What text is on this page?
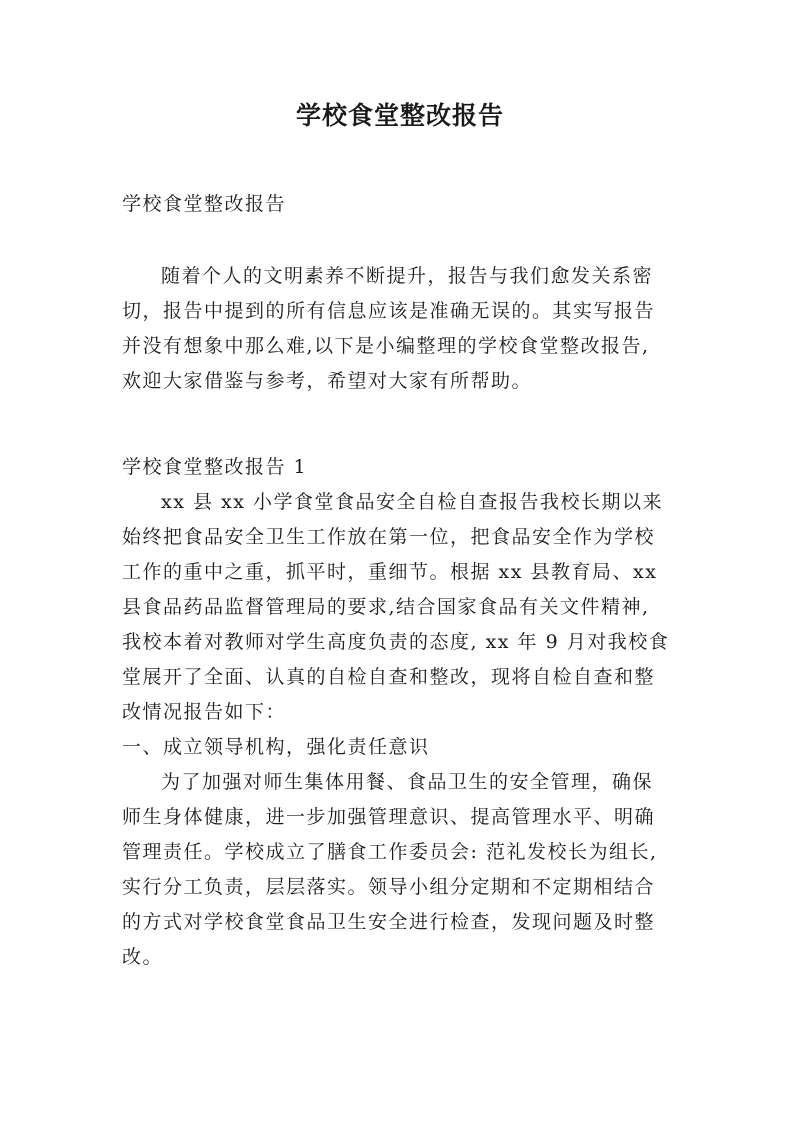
学校食堂整改报告
学校食堂整改报告
随着个人的文明素养不断提升，报告与我们愈发关系密
切，报告中提到的所有信息应该是准确无误的。其实写报告
并没有想象中那么难,以下是小编整理的学校食堂整改报告,
欢迎大家借鉴与参考，希望对大家有所帮助。
学校食堂整改报告 1
xx 县 xx 小学食堂食品安全自检自查报告我校长期以来
始终把食品安全卫生工作放在第一位，把食品安全作为学校
工作的重中之重，抓平时，重细节。根据 xx 县教育局、xx
县食品药品监督管理局的要求,结合国家食品有关文件精神,
我校本着对教师对学生高度负责的态度, xx 年 9 月对我校食
堂展开了全面、认真的自检自查和整改，现将自检自查和整
改情况报告如下：
一、成立领导机构，强化责任意识
为了加强对师生集体用餐、食品卫生的安全管理，确保
师生身体健康，进一步加强管理意识、提高管理水平、明确
管理责任。学校成立了膳食工作委员会: 范礼发校长为组长,
实行分工负责，层层落实。领导小组分定期和不定期相结合
的方式对学校食堂食品卫生安全进行检查，发现问题及时整
改。
